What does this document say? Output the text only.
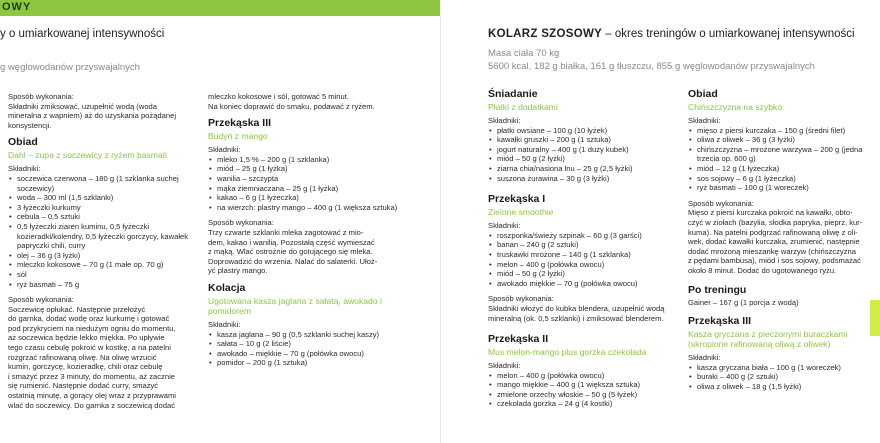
OWY
y o umiarkowanej intensywności
g węglowodanów przyswajalnych

Sposób wykonania:

Składniki zmiksować, uzupełnić wodą (woda

mineralna z wapniem) aż do uzyskania pożądanej

konsystencji.

Obiad
Dahl – zupa z soczewicy z ryżem basmati

Składniki:

• soczewica czerwona – 180 g (1 szklanka suchej soczewicy)
• woda – 300 ml (1,5 szklanki)
• 3 łyżeczki kurkumy
• cebula – 0,5 sztuki
• 0,5 łyżeczki ziaren kuminu, 0,5 łyżeczki kozieradki/kolendry, 0,5 łyżeczki gorczycy, kawałek papryczki chili, curry
• olej – 36 g (3 łyżki)
• mleczko kokosowe – 70 g (1 małe op. 70 g)
• sól
• ryż basmati – 75 g

Sposób wykonania:

Soczewicę opłukać. Następnie przełożyć

do garnka, dodać wodę oraz kurkumę i gotować

pod przykryciem na niedużym ogniu do momentu,

aż soczewica będzie lekko miękka. Po upływie

tego czasu cebulę pokroić w kostkę, a na patelni

rozgrzać rafinowaną oliwę. Na oliwę wrzucić

kumin, gorczycę, kozieradkę, chili oraz cebulę

i smażyć przez 3 minuty, do momentu, aż zacznie

się rumienić. Następnie dodać curry, smażyć

ostatnią minutę, a gorący olej wraz z przyprawami

wlać do soczewicy. Do garnka z soczewicą dodać

mleczko kokosowe i sól, gotować 5 minut.

Na koniec doprawić do smaku, podawać z ryżem.

Przekąska III
Budyń z mango

Składniki:

• mleko 1,5 % – 200 g (1 szklanka)
• miód – 25 g (1 łyżka)
• wanilia – szczypta
• mąka ziemniaczana – 25 g (1 łyżka)
• kakao – 6 g (1 łyżeczka)
• na wierzch: plastry mango – 400 g (1 większa sztuka)

Sposób wykonania:

Trzy czwarte szklanki mleka zagotować z mio-

dem, kakao i wanilią. Pozostałą część wymieszać

z mąką. Wlać ostrożnie do gotującego się mleka.

Doprowadzić do wrzenia. Nalać do salaterki. Ułoż-

yć plastry mango.

Kolacja
Ugotowana kasza jaglana z sałatą, awokado i pomidorem

Składniki:

• kasza jaglana – 90 g (0,5 szklanki suchej kaszy)
• sałata – 10 g (2 liście)
• awokado – miękkie – 70 g (połówka owocu)
• pomidor – 200 g (1 sztuka)
KOLARZ SZOSOWY – okres treningów o umiarkowanej intensywności

Masa ciała 70 kg

5600 kcal, 182 g białka, 161 g tłuszczu, 855 g węglowodanów przyswajalnych

Śniadanie
Płatki z dodatkami

Składniki:

• płatki owsiane – 100 g (10 łyżek)
• kawałki gruszki – 200 g (1 sztuka)
• jogurt naturalny – 400 g (1 duży kubek)
• miód – 50 g (2 łyżki)
• ziarna chia/nasiona lnu – 25 g (2,5 łyżki)
• suszona żurawina – 30 g (3 łyżki)
Przekąska I
Zielone smoothie

Składniki:

• roszponka/świeży szpinak – 60 g (3 garści)
• banan – 240 g (2 sztuki)
• truskawki mrożone – 140 g (1 szklanka)
• melon – 400 g (połówka owocu)
• miód – 50 g (2 łyżki)
• awokado miękkie – 70 g (połówka owocu)

Sposób wykonania:

Składniki włożyć do kubka blendera, uzupełnić wodą

mineralną (ok. 0,5 szklanki) i zmiksować blenderem.

Przekąska II
Mus melon-mango plus gorzka czekolada

Składniki:

• melon – 400 g (połówka owocu)
• mango miękkie – 400 g (1 większa sztuka)
• zmielone orzechy włoskie – 50 g (5 łyżek)
• czekolada gorzka – 24 g (4 kostki)
Obiad
Chińszczyzna na szybko

Składniki:

• mięso z piersi kurczaka – 150 g (średni filet)
• oliwa z oliwek – 36 g (3 łyżki)
• chińszczyzna – mrożone warzywa – 200 g (jedna trzecia op. 600 g)
• miód – 12 g (1 łyżeczka)
• sos sojowy – 6 g (1 łyżeczka)
• ryż basmati – 100 g (1 woreczek)

Sposób wykonania:

Mięso z piersi kurczaka pokroić na kawałki, obto-

czyć w ziołach (bazylia, słodka papryka, pieprz, kur-

kuma). Na patelni podgrzać rafinowaną oliwę z oli-

wek, dodać kawałki kurczaka, zrumienić, następnie

dodać mrożoną mieszankę warzyw (chińszczyzna

z pędami bambusa), miód i sos sojowy, podsmażać

około 8 minut. Dodać do ugotowanego ryżu.

Po treningu

Gainer – 167 g (1 porcja z wodą)

Przekąska III
Kasza gryczana z pieczonymi buraczkami (skropione rafinowaną oliwą z oliwek)

Składniki:

• kasza gryczana biała – 100 g (1 woreczek)
• buraki – 400 g (2 sztuki)
• oliwa z oliwek – 18 g (1,5 łyżki)
